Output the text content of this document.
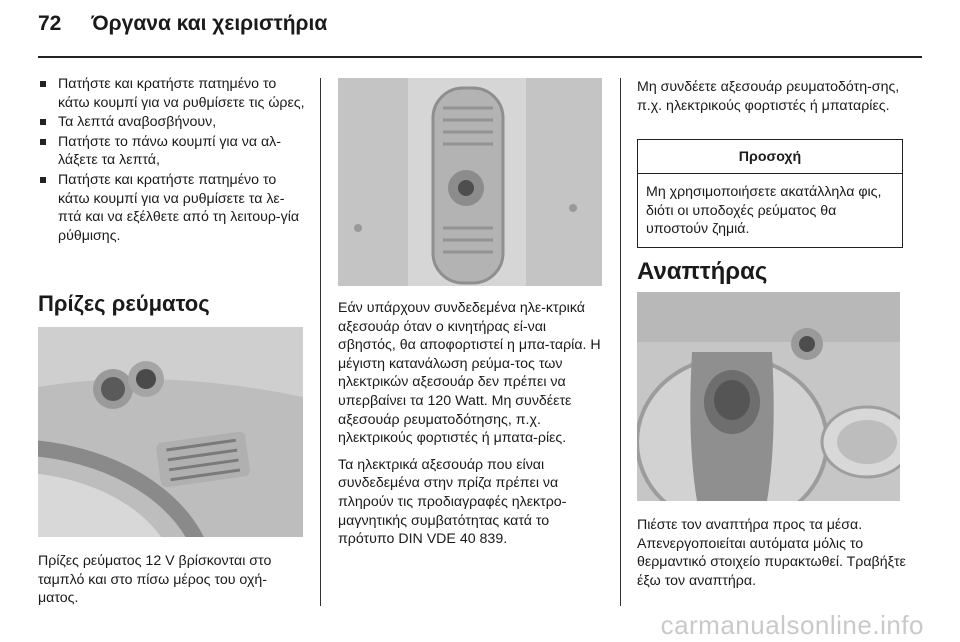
72 Όργανα και χειριστήρια
Πατήστε και κρατήστε πατημένο το κάτω κουμπί για να ρυθμίσετε τις ώρες,
Τα λεπτά αναβοσβήνουν,
Πατήστε το πάνω κουμπί για να αλ-λάξετε τα λεπτά,
Πατήστε και κρατήστε πατημένο το κάτω κουμπί για να ρυθμίσετε τα λε-πτά και να εξέλθετε από τη λειτουρ-γία ρύθμισης.
Πρίζες ρεύματος
Πρίζες ρεύματος 12 V βρίσκονται στο ταμπλό και στο πίσω μέρος του οχή-ματος.

Εάν υπάρχουν συνδεδεμένα ηλε-κτρικά αξεσουάρ όταν ο κινητήρας εί-ναι σβηστός, θα αποφορτιστεί η μπα-ταρία. Η μέγιστη κατανάλωση ρεύμα-τος των ηλεκτρικών αξεσουάρ δεν πρέπει να υπερβαίνει τα 120 Watt. Μη συνδέετε αξεσουάρ ρευματοδότησης, π.χ. ηλεκτρικούς φορτιστές ή μπατα-ρίες.

Τα ηλεκτρικά αξεσουάρ που είναι συνδεδεμένα στην πρίζα πρέπει να πληρούν τις προδιαγραφές ηλεκτρο-μαγνητικής συμβατότητας κατά το πρότυπο DIN VDE 40 839.

Μη συνδέετε αξεσουάρ ρευματοδότη-σης, π.χ. ηλεκτρικούς φορτιστές ή μπαταρίες.
Προσοχή
Μη χρησιμοποιήσετε ακατάλληλα φις, διότι οι υποδοχές ρεύματος θα υποστούν ζημιά.
Αναπτήρας
Πιέστε τον αναπτήρα προς τα μέσα. Απενεργοποιείται αυτόματα μόλις το θερμαντικό στοιχείο πυρακτωθεί. Τραβήξτε έξω τον αναπτήρα.
carmanualsonline.info
